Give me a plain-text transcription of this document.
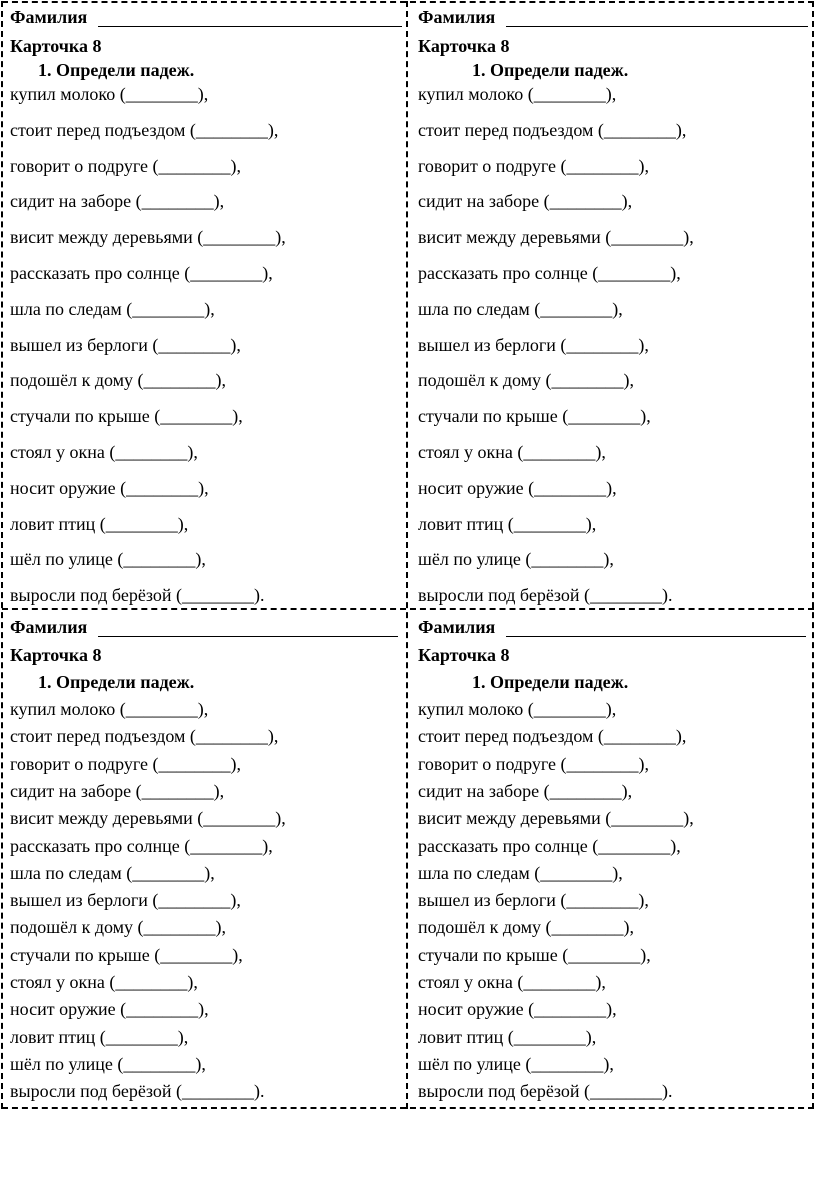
Фамилия
Карточка 8
1. Определи падеж.
купил молоко (________),
стоит перед подъездом (________),
говорит о подруге (________),
сидит на заборе (________),
висит между деревьями (________),
рассказать про солнце (________),
шла по следам (________),
вышел из берлоги (________),
подошёл к дому (________),
стучали по крыше (________),
стоял у окна (________),
носит оружие (________),
ловит птиц (________),
шёл по улице (________),
выросли под берёзой (________).
Фамилия
Карточка 8
1. Определи падеж.
купил молоко (________),
стоит перед подъездом (________),
говорит о подруге (________),
сидит на заборе (________),
висит между деревьями (________),
рассказать про солнце (________),
шла по следам (________),
вышел из берлоги (________),
подошёл к дому (________),
стучали по крыше (________),
стоял у окна (________),
носит оружие (________),
ловит птиц (________),
шёл по улице (________),
выросли под берёзой (________).
Фамилия
Карточка 8
1. Определи падеж.
купил молоко (________),
стоит перед подъездом (________),
говорит о подруге (________),
сидит на заборе (________),
висит между деревьями (________),
рассказать про солнце (________),
шла по следам (________),
вышел из берлоги (________),
подошёл к дому (________),
стучали по крыше (________),
стоял у окна (________),
носит оружие (________),
ловит птиц (________),
шёл по улице (________),
выросли под берёзой (________).
Фамилия
Карточка 8
1. Определи падеж.
купил молоко (________),
стоит перед подъездом (________),
говорит о подруге (________),
сидит на заборе (________),
висит между деревьями (________),
рассказать про солнце (________),
шла по следам (________),
вышел из берлоги (________),
подошёл к дому (________),
стучали по крыше (________),
стоял у окна (________),
носит оружие (________),
ловит птиц (________),
шёл по улице (________),
выросли под берёзой (________).
